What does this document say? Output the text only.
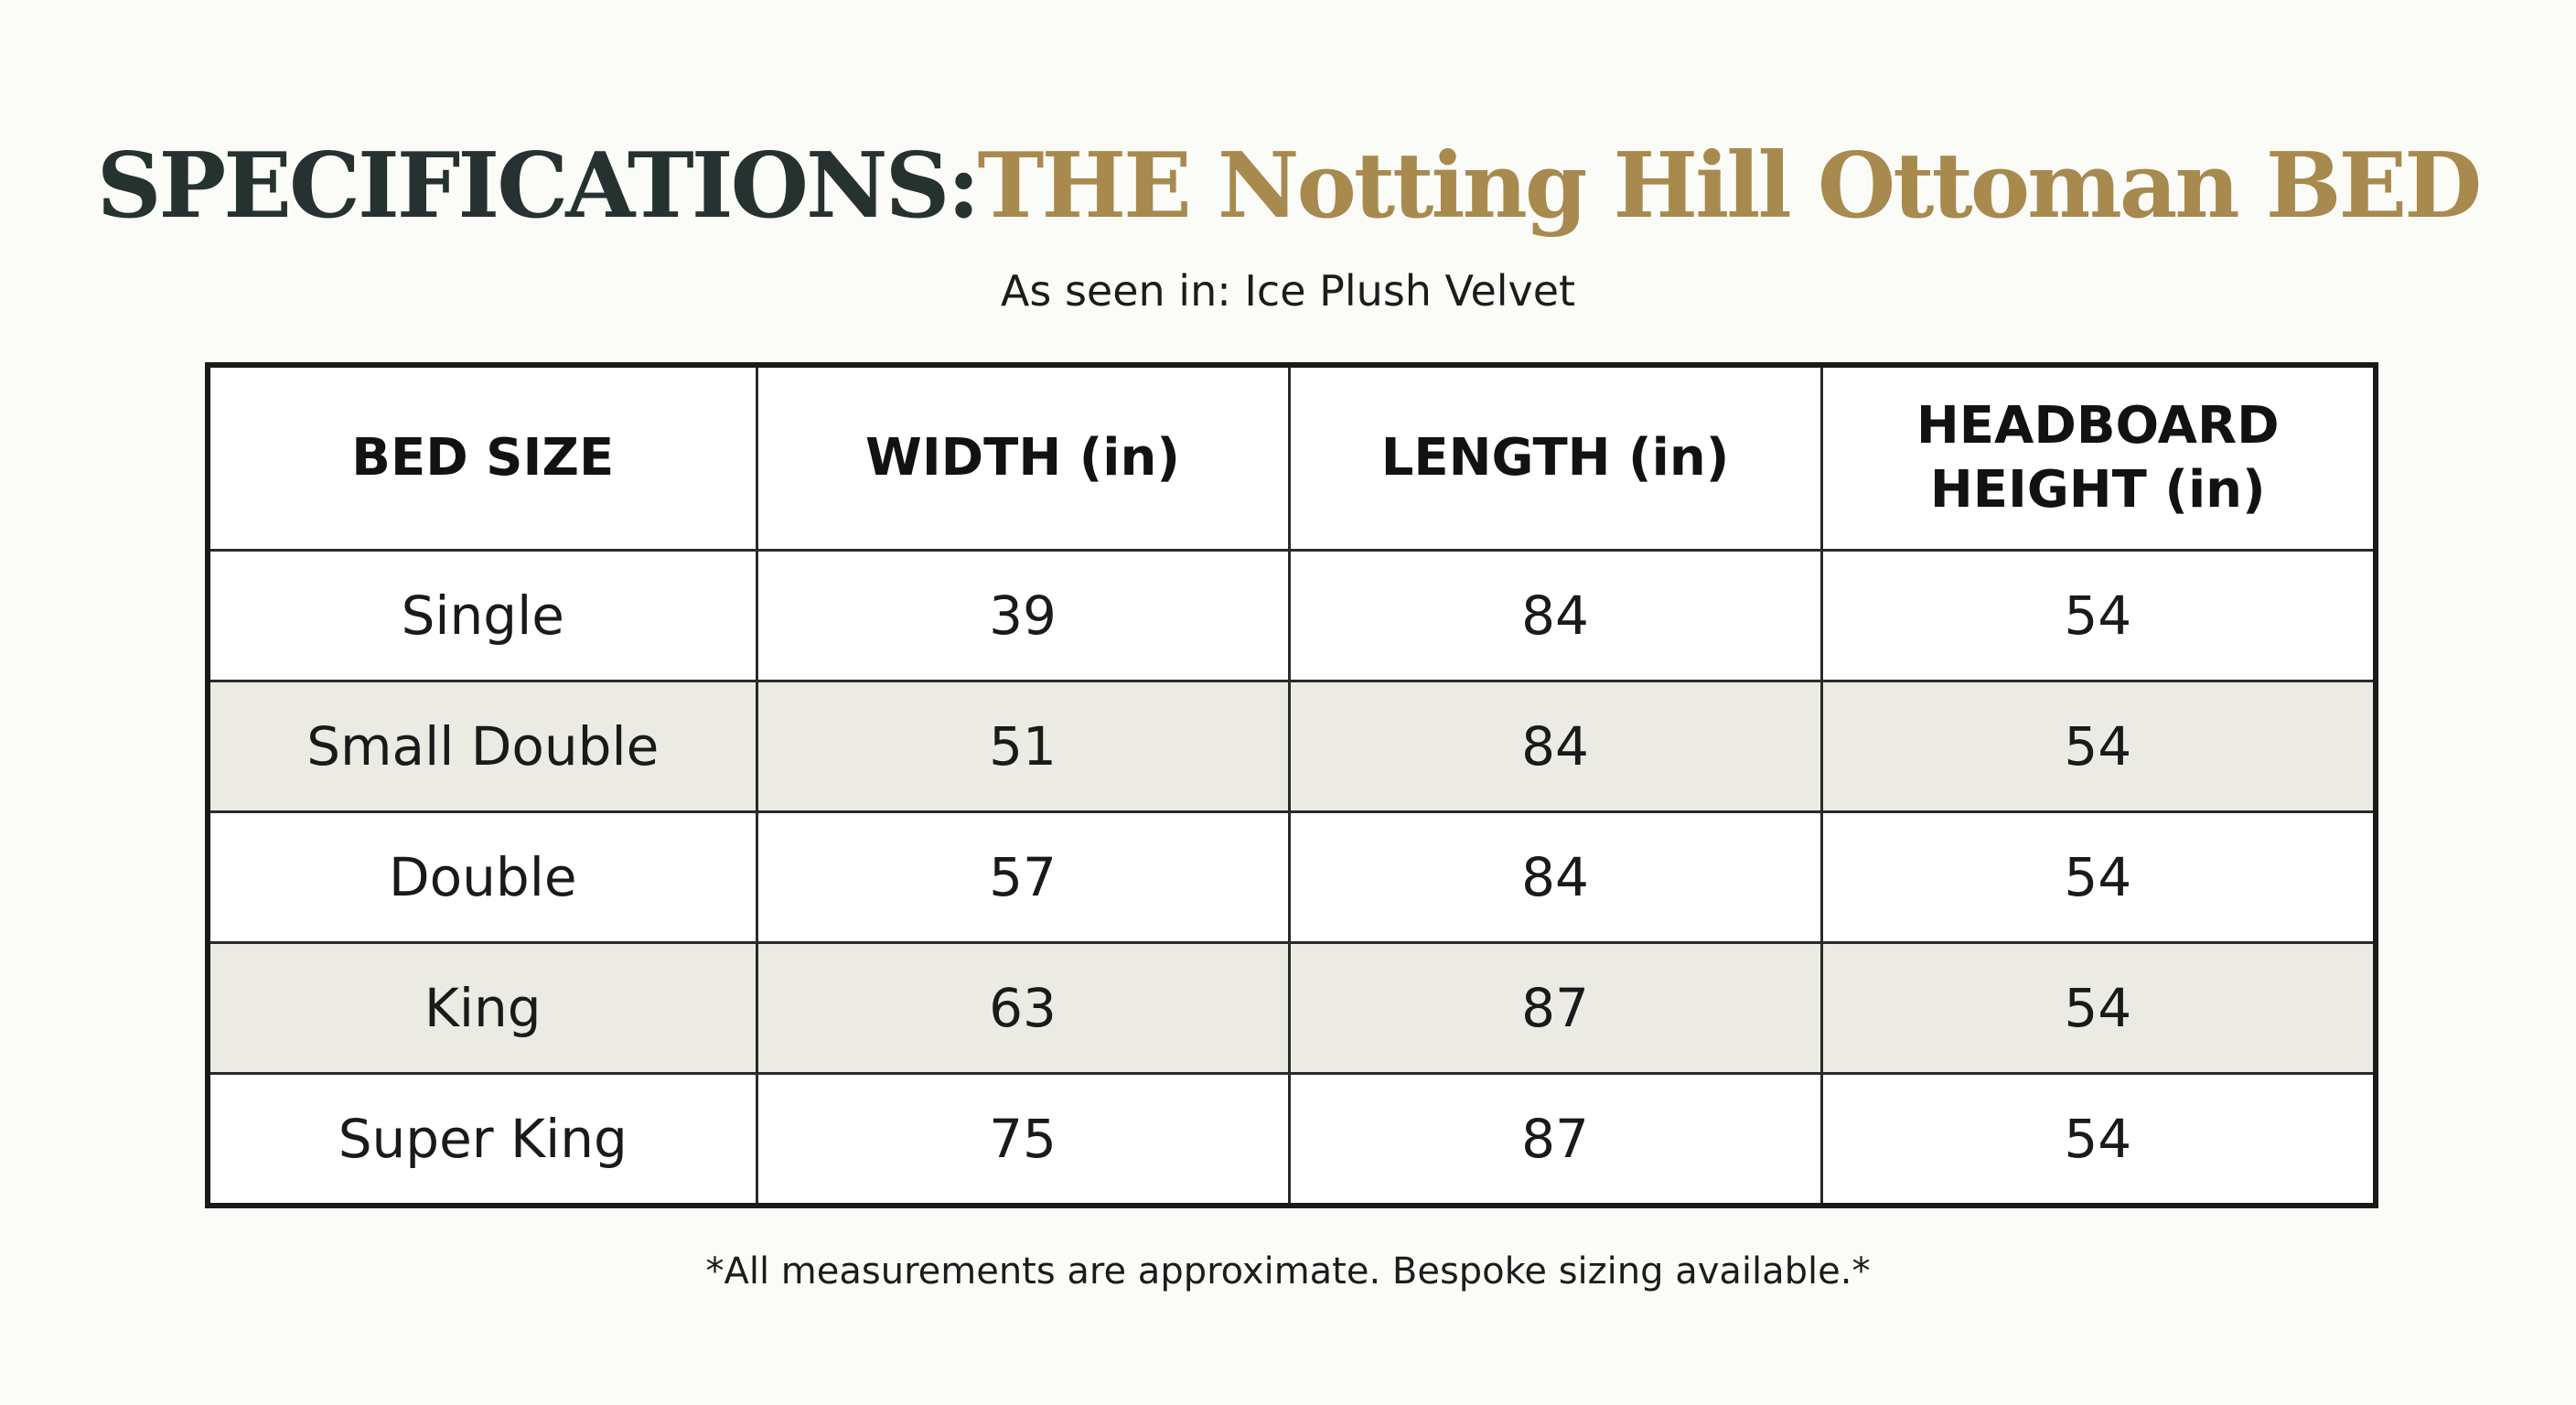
SPECIFICATIONS:THE Notting Hill Ottoman BED
As seen in: Ice Plush Velvet
BED SIZE	WIDTH (in)	LENGTH (in)	HEADBOARD
HEIGHT (in)
Single	39	84	54
Small Double	51	84	54
Double	57	84	54
King	63	87	54
Super King	75	87	54
*All measurements are approximate. Bespoke sizing available.*
